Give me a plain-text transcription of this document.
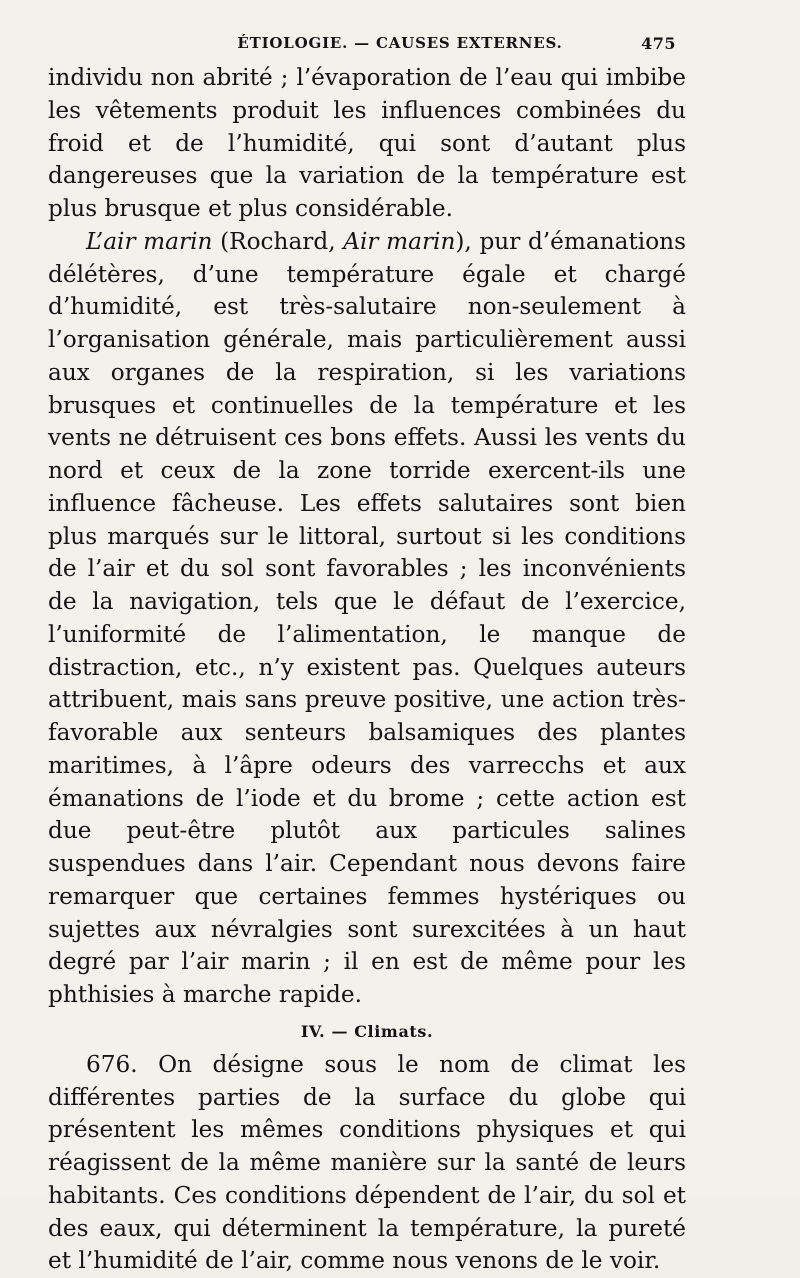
ÉTIOLOGIE. — CAUSES EXTERNES.	475

individu non abrité ; l’évaporation de l’eau qui imbibe les vêtements produit les influences combinées du froid et de l’humidité, qui sont d’autant plus dangereuses que la variation de la température est plus brusque et plus considérable.

L’air marin (Rochard, Air marin), pur d’émanations délétères, d’une température égale et chargé d’humidité, est très-salutaire non-seulement à l’organisation générale, mais particulièrement aussi aux organes de la respiration, si les variations brusques et continuelles de la température et les vents ne détruisent ces bons effets. Aussi les vents du nord et ceux de la zone torride exercent-ils une influence fâcheuse. Les effets salutaires sont bien plus marqués sur le littoral, surtout si les conditions de l’air et du sol sont favorables ; les inconvénients de la navigation, tels que le défaut de l’exercice, l’uniformité de l’alimentation, le manque de distraction, etc., n’y existent pas. Quelques auteurs attribuent, mais sans preuve positive, une action très-favorable aux senteurs balsamiques des plantes maritimes, à l’âpre odeurs des varrecchs et aux émanations de l’iode et du brome ; cette action est due peut-être plutôt aux particules salines suspendues dans l’air. Cependant nous devons faire remarquer que certaines femmes hystériques ou sujettes aux névralgies sont surexcitées à un haut degré par l’air marin ; il en est de même pour les phthisies à marche rapide.

IV. — Climats.

676. On désigne sous le nom de climat les différentes parties de la surface du globe qui présentent les mêmes conditions physiques et qui réagissent de la même manière sur la santé de leurs habitants. Ces conditions dépendent de l’air, du sol et des eaux, qui déterminent la température, la pureté et l’humidité de l’air, comme nous venons de le voir.
